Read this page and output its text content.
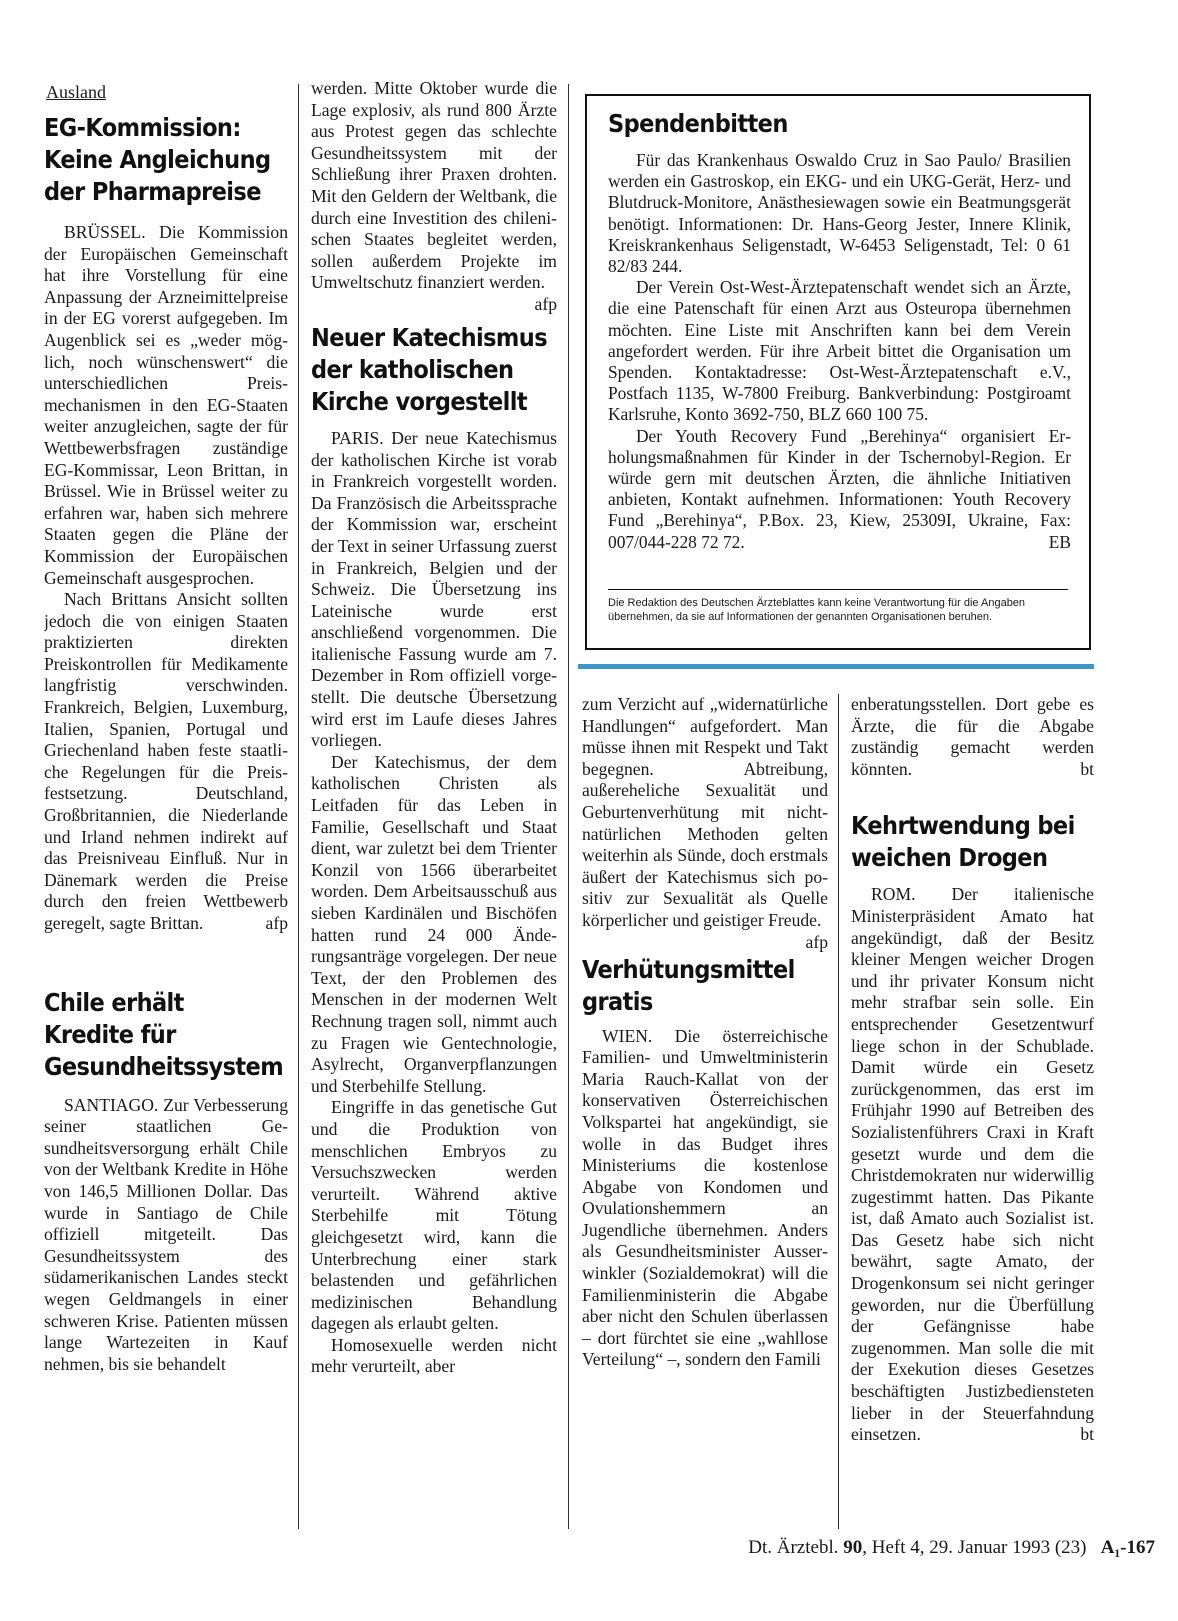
Ausland
EG-Kommission:
Keine Angleichung
der Pharmapreise

BRÜSSEL. Die Kommission der Europäischen Gemeinschaft hat ihre Vorstellung für eine Anpassung der Arzneimittelpreise in der EG vorerst aufgegeben. Im Augenblick sei es „weder möglich, noch wünschenswert“ die unterschiedlichen Preismechanismen in den EG-Staaten weiter anzugleichen, sagte der für Wettbewerbsfragen zuständige EG-Kommissar, Leon Brittan, in Brüssel. Wie in Brüssel weiter zu erfahren war, haben sich mehrere Staaten gegen die Pläne der Kommission der Europäischen Gemeinschaft ausgesprochen.

Nach Brittans Ansicht sollten jedoch die von einigen Staaten praktizierten direkten Preiskontrollen für Medikamente langfristig verschwinden. Frankreich, Belgien, Luxemburg, Italien, Spanien, Portugal und Griechenland haben feste staatliche Regelungen für die Preisfestsetzung. Deutschland, Großbritannien, die Niederlande und Irland nehmen indirekt auf das Preisniveau Einfluß. Nur in Dänemark werden die Preise durch den freien Wettbewerb geregelt, sagte Brittan.	afp

Chile erhält
Kredite für
Gesundheitssystem

SANTIAGO. Zur Verbesserung seiner staatlichen Gesundheitsversorgung erhält Chile von der Weltbank Kredite in Höhe von 146,5 Millionen Dollar. Das wurde in Santiago de Chile offiziell mitgeteilt. Das Gesundheitssystem des südamerikanischen Landes steckt wegen Geldmangels in einer schweren Krise. Patienten müssen lange Wartezeiten in Kauf nehmen, bis sie behandelt

werden. Mitte Oktober wurde die Lage explosiv, als rund 800 Ärzte aus Protest gegen das schlechte Gesundheitssystem mit der Schließung ihrer Praxen drohten. Mit den Geldern der Weltbank, die durch eine Investition des chilenischen Staates begleitet werden, sollen außerdem Projekte im Umweltschutz finanziert werden.
afp

Neuer Katechismus
der katholischen
Kirche vorgestellt

PARIS. Der neue Katechismus der katholischen Kirche ist vorab in Frankreich vorgestellt worden. Da Französisch die Arbeitssprache der Kommission war, erscheint der Text in seiner Urfassung zuerst in Frankreich, Belgien und der Schweiz. Die Übersetzung ins Lateinische wurde erst anschließend vorgenommen. Die italienische Fassung wurde am 7. Dezember in Rom offiziell vorgestellt. Die deutsche Übersetzung wird erst im Laufe dieses Jahres vorliegen.

Der Katechismus, der dem katholischen Christen als Leitfaden für das Leben in Familie, Gesellschaft und Staat dient, war zuletzt bei dem Trienter Konzil von 1566 überarbeitet worden. Dem Arbeitsausschuß aus sieben Kardinälen und Bischöfen hatten rund 24 000 Änderungsanträge vorgelegen. Der neue Text, der den Problemen des Menschen in der modernen Welt Rechnung tragen soll, nimmt auch zu Fragen wie Gentechnologie, Asylrecht, Organverpflanzungen und Sterbehilfe Stellung.

Eingriffe in das genetische Gut und die Produktion von menschlichen Embryos zu Versuchszwecken werden verurteilt. Während aktive Sterbehilfe mit Tötung gleichgesetzt wird, kann die Unterbrechung einer stark belastenden und gefährlichen medizinischen Behandlung dagegen als erlaubt gelten.

Homosexuelle werden nicht mehr verurteilt, aber

Spendenbitten

Für das Krankenhaus Oswaldo Cruz in Sao Paulo/ Brasilien werden ein Gastroskop, ein EKG- und ein UKG-Gerät, Herz- und Blutdruck-Monitore, Anästhesiewagen sowie ein Beatmungsgerät benötigt. Informationen: Dr. Hans-Georg Jester, Innere Klinik, Kreiskrankenhaus Seligenstadt, W-6453 Seligenstadt, Tel: 0 61 82/83 244.

Der Verein Ost-West-Ärztepatenschaft wendet sich an Ärzte, die eine Patenschaft für einen Arzt aus Osteuropa übernehmen möchten. Eine Liste mit Anschriften kann bei dem Verein angefordert werden. Für ihre Arbeit bittet die Organisation um Spenden. Kontaktadresse: Ost-West-Ärztepatenschaft e.V., Postfach 1135, W-7800 Freiburg. Bankverbindung: Postgiroamt Karlsruhe, Konto 3692-750, BLZ 660 100 75.

Der Youth Recovery Fund „Berehinya“ organisiert Erholungsmaßnahmen für Kinder in der Tschernobyl-Region. Er würde gern mit deutschen Ärzten, die ähnliche Initiativen anbieten, Kontakt aufnehmen. Informationen: Youth Recovery Fund „Berehinya“, P.Box. 23, Kiew, 25309I, Ukraine, Fax: 007/044-228 72 72.	EB

Die Redaktion des Deutschen Ärzteblattes kann keine Verantwortung für die Angaben übernehmen, da sie auf Informationen der genannten Organisationen beruhen.

zum Verzicht auf „widernatürliche Handlungen“ aufgefordert. Man müsse ihnen mit Respekt und Takt begegnen. Abtreibung, außereheliche Sexualität und Geburtenverhütung mit nicht-natürlichen Methoden gelten weiterhin als Sünde, doch erstmals äußert der Katechismus sich positiv zur Sexualität als Quelle körperlicher und geistiger Freude.
afp

Verhütungsmittel
gratis

WIEN. Die österreichische Familien- und Umweltministerin Maria Rauch-Kallat von der konservativen Österreichischen Volkspartei hat angekündigt, sie wolle in das Budget ihres Ministeriums die kostenlose Abgabe von Kondomen und Ovulationshemmern an Jugendliche übernehmen. Anders als Gesundheitsminister Ausserwinkler (Sozialdemokrat) will die Familienministerin die Abgabe aber nicht den Schulen überlassen – dort fürchtet sie eine „wahllose Verteilung“ –, sondern den Famili

enberatungsstellen. Dort gebe es Ärzte, die für die Abgabe zuständig gemacht werden könnten.	bt

Kehrtwendung bei
weichen Drogen

ROM. Der italienische Ministerpräsident Amato hat angekündigt, daß der Besitz kleiner Mengen weicher Drogen und ihr privater Konsum nicht mehr strafbar sein solle. Ein entsprechender Gesetzentwurf liege schon in der Schublade. Damit würde ein Gesetz zurückgenommen, das erst im Frühjahr 1990 auf Betreiben des Sozialistenführers Craxi in Kraft gesetzt wurde und dem die Christdemokraten nur widerwillig zugestimmt hatten. Das Pikante ist, daß Amato auch Sozialist ist. Das Gesetz habe sich nicht bewährt, sagte Amato, der Drogenkonsum sei nicht geringer geworden, nur die Überfüllung der Gefängnisse habe zugenommen. Man solle die mit der Exekution dieses Gesetzes beschäftigten Justizbediensteten lieber in der Steuerfahndung einsetzen.	bt

Dt. Ärztebl. 90, Heft 4, 29. Januar 1993 (23) A₁-167
